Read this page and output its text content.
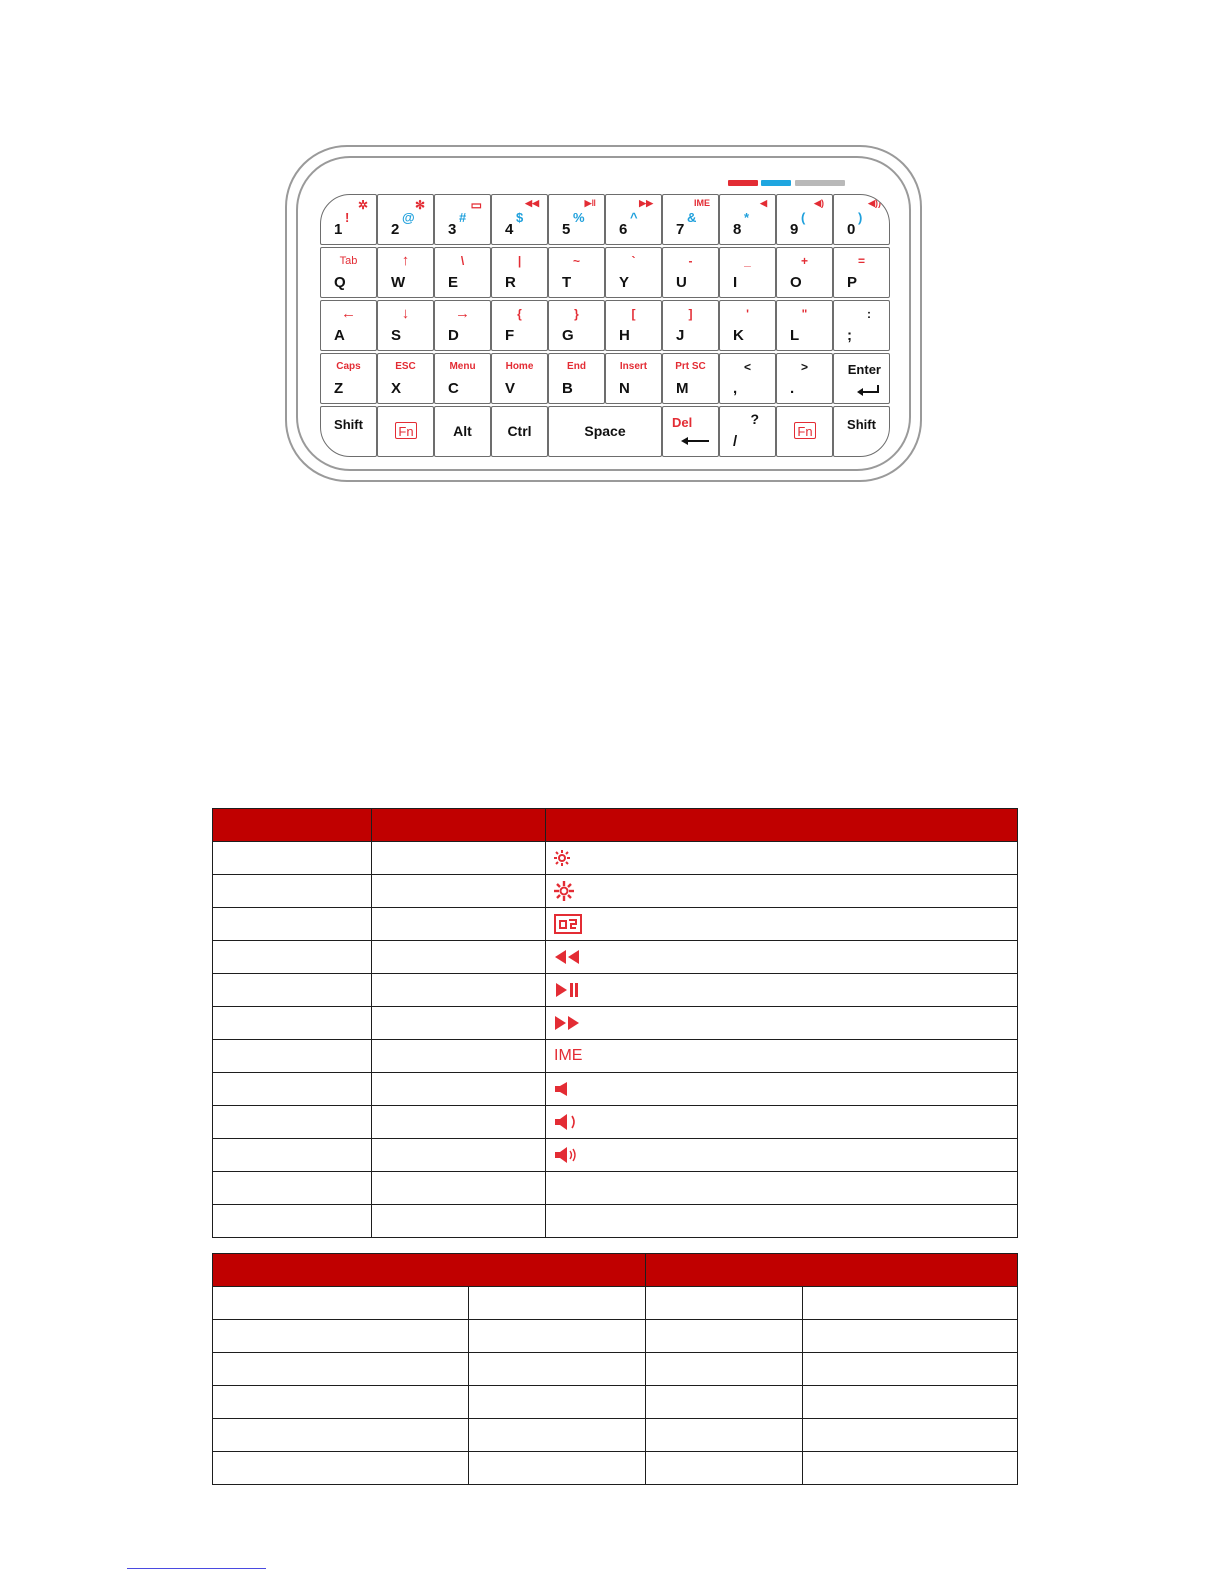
!
✲
1
@
✻
2
#
▭
3
$
◀◀
4
%
▶‖
5
^
▶▶
6
&
IME
7
*
◀
8
(
◀)
9
)
◀))
0
Tab
Q
↑
W
\
E
|
R
~
T
`
Y
-
U
_
I
+
O
=
P
←
A
↓
S
→
D
{
F
}
G
[
H
]
J
'
K
"
L
:
;
Caps
Z
ESC
X
Menu
C
Home
V
End
B
Insert
N
Prt SC
M
<
,
>
.
Enter
Shift	Fn	Alt	Ctrl	Space
Del	?
/
Fn	Shift

		IME
